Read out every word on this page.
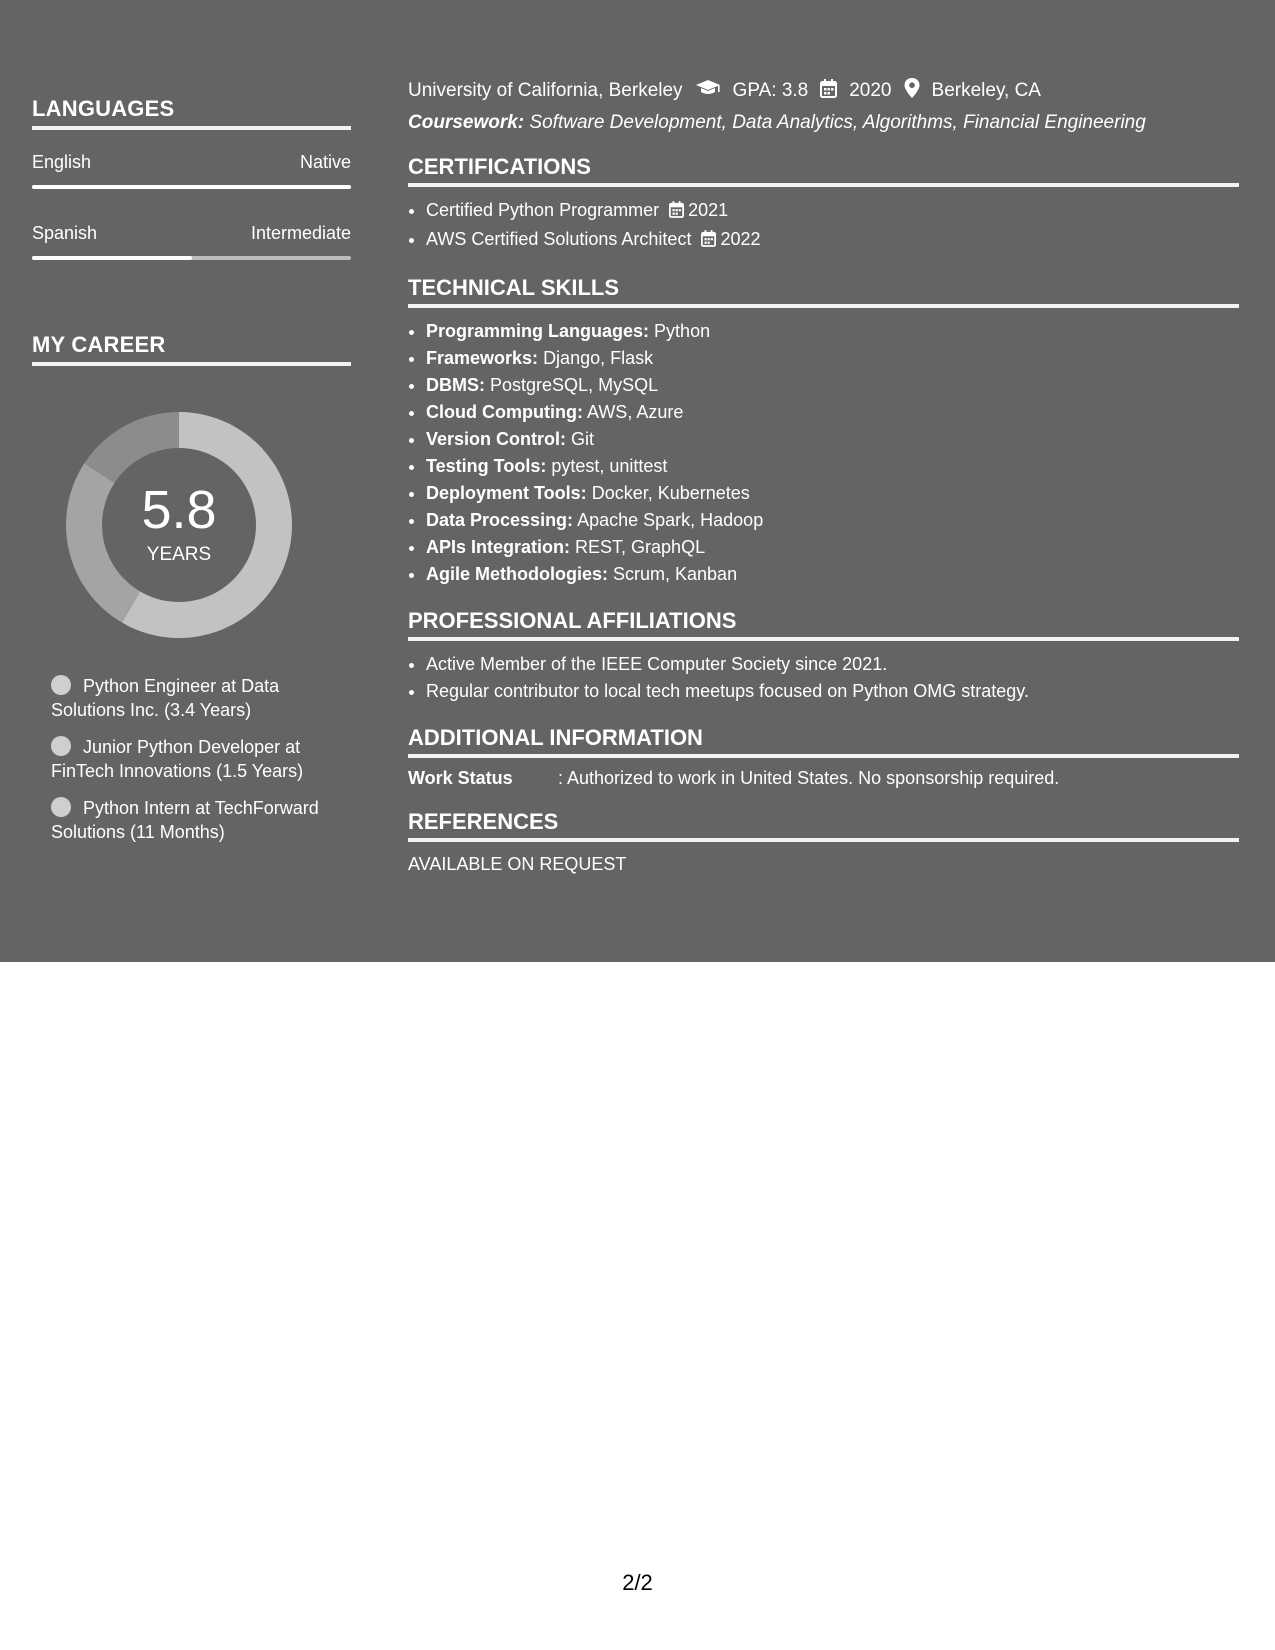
LANGUAGES
English	Native
Spanish	Intermediate
MY CAREER
5.8
YEARS
Python Engineer at Data Solutions Inc. (3.4 Years)
Junior Python Developer at FinTech Innovations (1.5 Years)
Python Intern at TechForward Solutions (11 Months)
University of California, Berkeley	GPA: 3.8 2020 Berkeley, CA
Coursework: Software Development, Data Analytics, Algorithms, Financial Engineering
CERTIFICATIONS
• Certified Python Programmer 2021
• AWS Certified Solutions Architect 2022
TECHNICAL SKILLS
• Programming Languages: Python
• Frameworks: Django, Flask
• DBMS: PostgreSQL, MySQL
• Cloud Computing: AWS, Azure
• Version Control: Git
• Testing Tools: pytest, unittest
• Deployment Tools: Docker, Kubernetes
• Data Processing: Apache Spark, Hadoop
• APIs Integration: REST, GraphQL
• Agile Methodologies: Scrum, Kanban
PROFESSIONAL AFFILIATIONS
• Active Member of the IEEE Computer Society since 2021.
• Regular contributor to local tech meetups focused on Python OMG strategy.
ADDITIONAL INFORMATION
Work Status	: Authorized to work in United States. No sponsorship required.
REFERENCES
AVAILABLE ON REQUEST
2/2
